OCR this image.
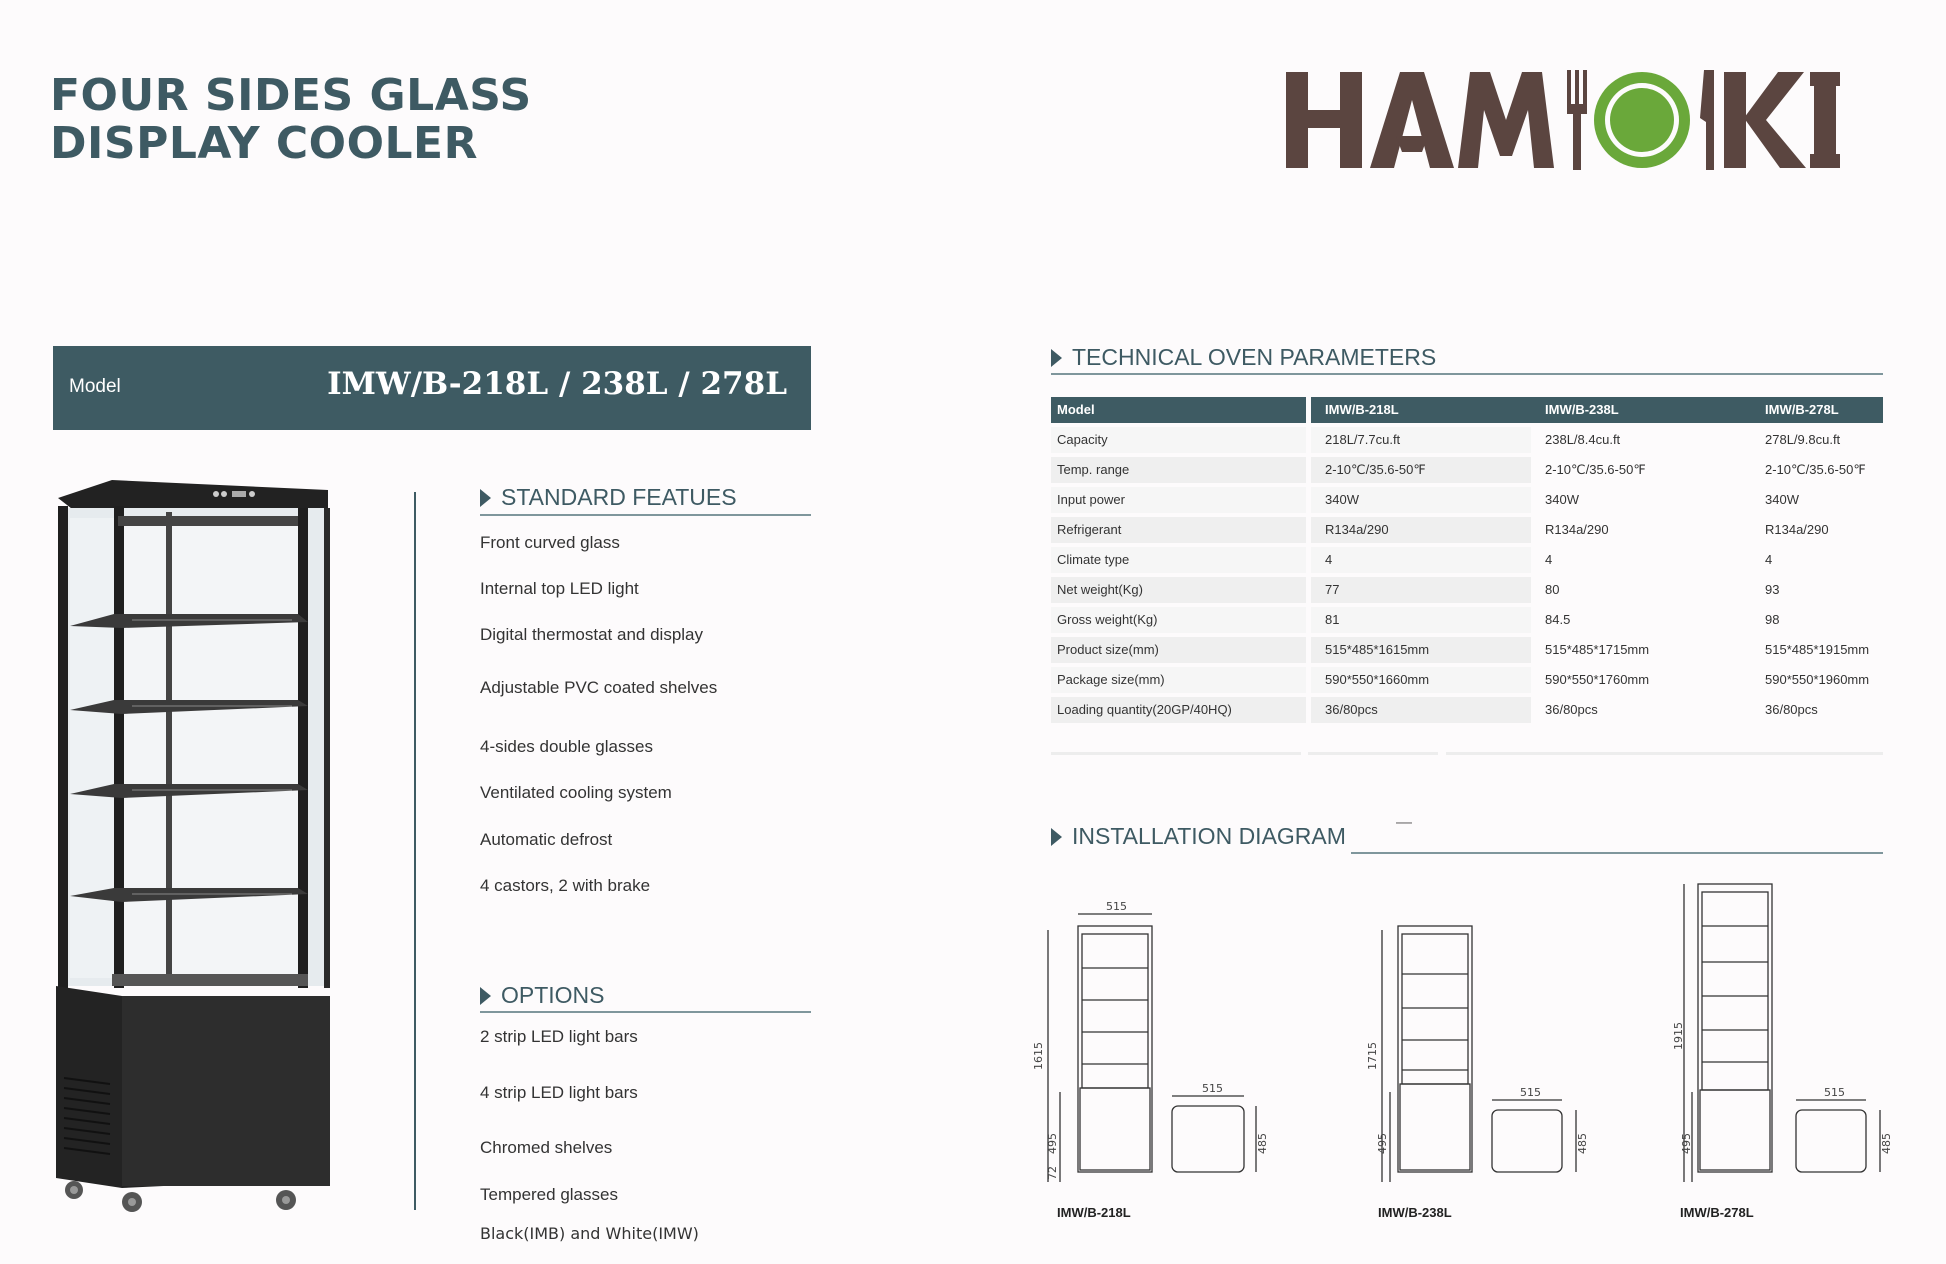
FOUR SIDES GLASS
DISPLAY COOLER
Model	IMW/B-218L / 238L / 278L
STANDARD FEATUES
Front curved glass
Internal top LED light
Digital thermostat and display
Adjustable PVC coated shelves
4-sides double glasses
Ventilated cooling system
Automatic defrost
4 castors, 2 with brake
OPTIONS
2 strip LED light bars
4 strip LED light bars
Chromed shelves
Tempered glasses
Black(IMB) and White(IMW)
TECHNICAL OVEN PARAMETERS
Model	IMW/B-218L	IMW/B-238L	IMW/B-278L
Capacity	218L/7.7cu.ft	238L/8.4cu.ft	278L/9.8cu.ft
Temp. range	2-10℃/35.6-50℉	2-10℃/35.6-50℉	2-10℃/35.6-50℉
Input power	340W	340W	340W
Refrigerant	R134a/290	R134a/290	R134a/290
Climate type	4	4	4
Net weight(Kg)	77	80	93
Gross weight(Kg)	81	84.5	98
Product size(mm)	515*485*1615mm	515*485*1715mm	515*485*1915mm
Package size(mm)	590*550*1660mm	590*550*1760mm	590*550*1960mm
Loading quantity(20GP/40HQ)	36/80pcs	36/80pcs	36/80pcs
INSTALLATION DIAGRAM
—
515
1615
495
72
515
485
1715
495
515
485
1915
495
515
485
IMW/B-218L	IMW/B-238L	IMW/B-278L
